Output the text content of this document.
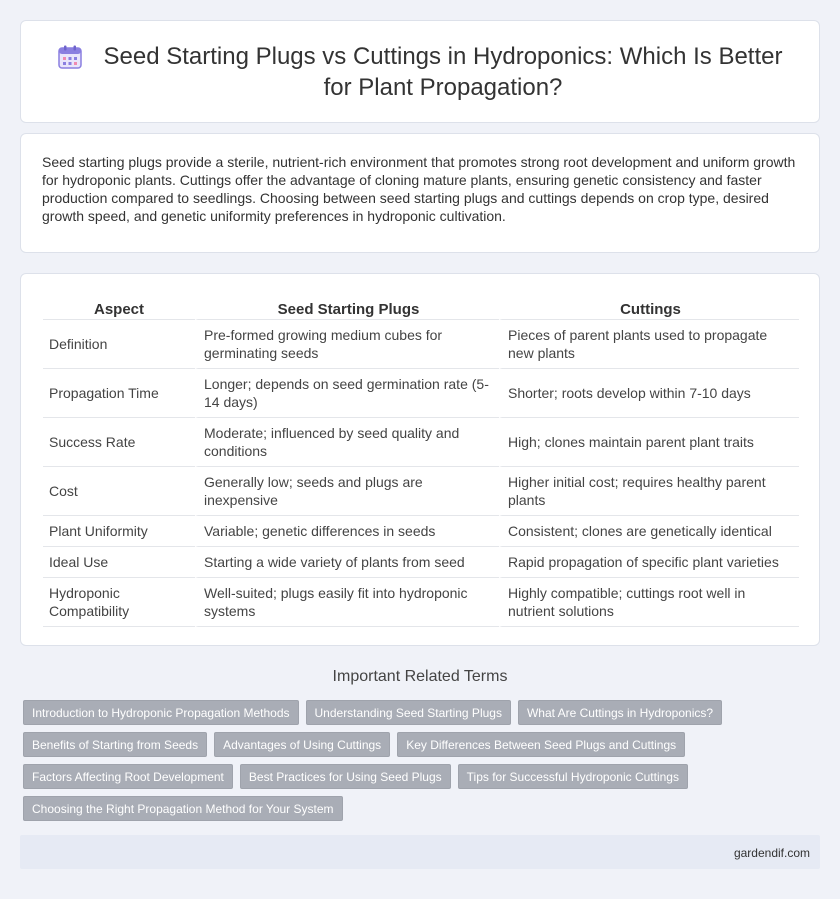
Seed Starting Plugs vs Cuttings in Hydroponics: Which Is Better for Plant Propagation?

Seed starting plugs provide a sterile, nutrient-rich environment that promotes strong root development and uniform growth for hydroponic plants. Cuttings offer the advantage of cloning mature plants, ensuring genetic consistency and faster production compared to seedlings. Choosing between seed starting plugs and cuttings depends on crop type, desired growth speed, and genetic uniformity preferences in hydroponic cultivation.

Aspect	Seed Starting Plugs	Cuttings
Definition	Pre-formed growing medium cubes for germinating seeds	Pieces of parent plants used to propagate new plants
Propagation Time	Longer; depends on seed germination rate (5-14 days)	Shorter; roots develop within 7-10 days
Success Rate	Moderate; influenced by seed quality and conditions	High; clones maintain parent plant traits
Cost	Generally low; seeds and plugs are inexpensive	Higher initial cost; requires healthy parent plants
Plant Uniformity	Variable; genetic differences in seeds	Consistent; clones are genetically identical
Ideal Use	Starting a wide variety of plants from seed	Rapid propagation of specific plant varieties
Hydroponic Compatibility	Well-suited; plugs easily fit into hydroponic systems	Highly compatible; cuttings root well in nutrient solutions
Important Related Terms
Introduction to Hydroponic Propagation Methods	Understanding Seed Starting Plugs	What Are Cuttings in Hydroponics?
Benefits of Starting from Seeds	Advantages of Using Cuttings	Key Differences Between Seed Plugs and Cuttings
Factors Affecting Root Development	Best Practices for Using Seed Plugs	Tips for Successful Hydroponic Cuttings
Choosing the Right Propagation Method for Your System
gardendif.com
